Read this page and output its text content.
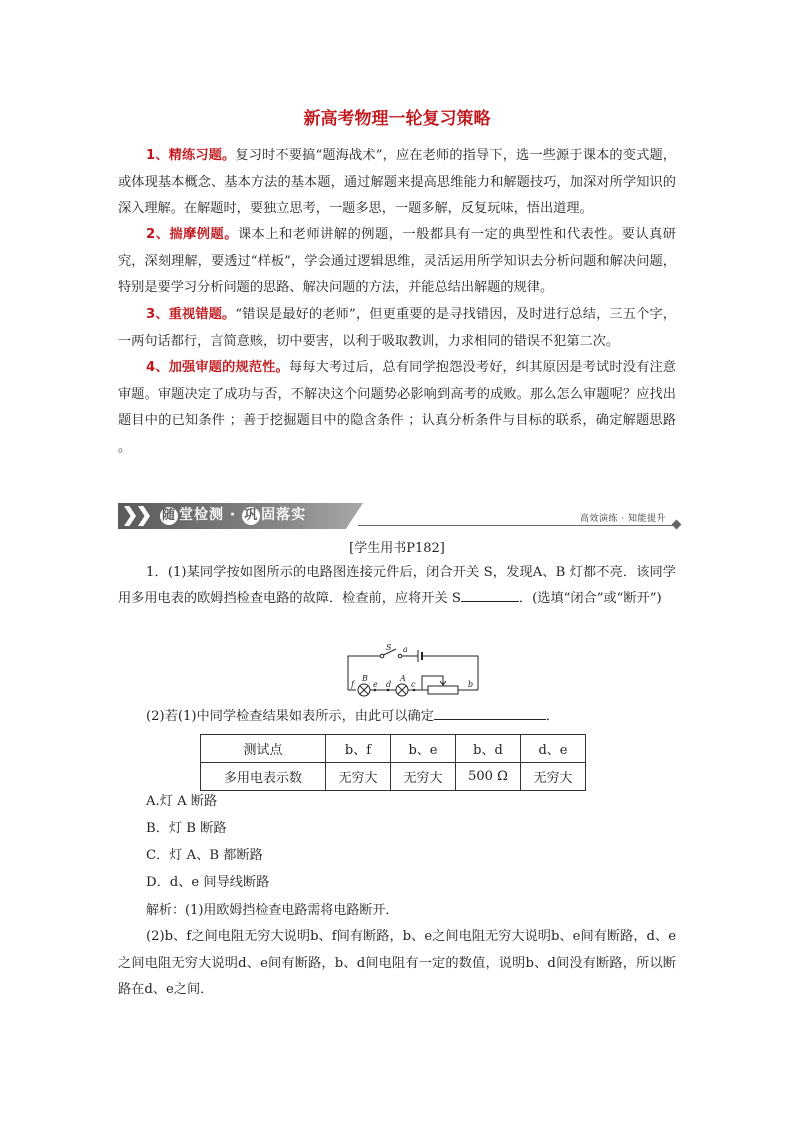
新高考物理一轮复习策略

1、精练习题。复习时不要搞“题海战术”，应在老师的指导下，选一些源于课本的变式题，或体现基本概念、基本方法的基本题，通过解题来提高思维能力和解题技巧，加深对所学知识的深入理解。在解题时，要独立思考，一题多思，一题多解，反复玩味，悟出道理。

2、揣摩例题。课本上和老师讲解的例题，一般都具有一定的典型性和代表性。要认真研究，深刻理解，要透过“样板”，学会通过逻辑思维，灵活运用所学知识去分析问题和解决问题，特别是要学习分析问题的思路、解决问题的方法，并能总结出解题的规律。

3、重视错题。“错误是最好的老师”，但更重要的是寻找错因，及时进行总结，三五个字，一两句话都行，言简意赅，切中要害，以利于吸取教训，力求相同的错误不犯第二次。

4、加强审题的规范性。每每大考过后，总有同学抱怨没考好，纠其原因是考试时没有注意审题。审题决定了成功与否，不解决这个问题势必影响到高考的成败。那么怎么审题呢？应找出题目中的已知条件 ；善于挖掘题目中的隐含条件 ；认真分析条件与目标的联系，确定解题思路 。

随 堂检测 · 巩 固落实	高效演练 · 知能提升
[学生用书P182]

1．(1)某同学按如图所示的电路图连接元件后，闭合开关 S，发现A、B 灯都不亮．该同学用多用电表的欧姆挡检查电路的故障．检查前，应将开关 S	．(选填“闭合”或“断开”)

S a
B	A
f e d c	b
(2)若(1)中同学检查结果如表所示，由此可以确定	．
测试点	b、f	b、e	b、d	d、e
多用电表示数	无穷大	无穷大	500 Ω	无穷大
A.灯 A 断路
B．灯 B 断路
C．灯 A、B 都断路
D．d、e 间导线断路
解析：(1)用欧姆挡检查电路需将电路断开．

(2)b、f之间电阻无穷大说明b、f间有断路，b、e之间电阻无穷大说明b、e间有断路，d、e之间电阻无穷大说明d、e间有断路，b、d间电阻有一定的数值，说明b、d间没有断路，所以断路在d、e之间．
